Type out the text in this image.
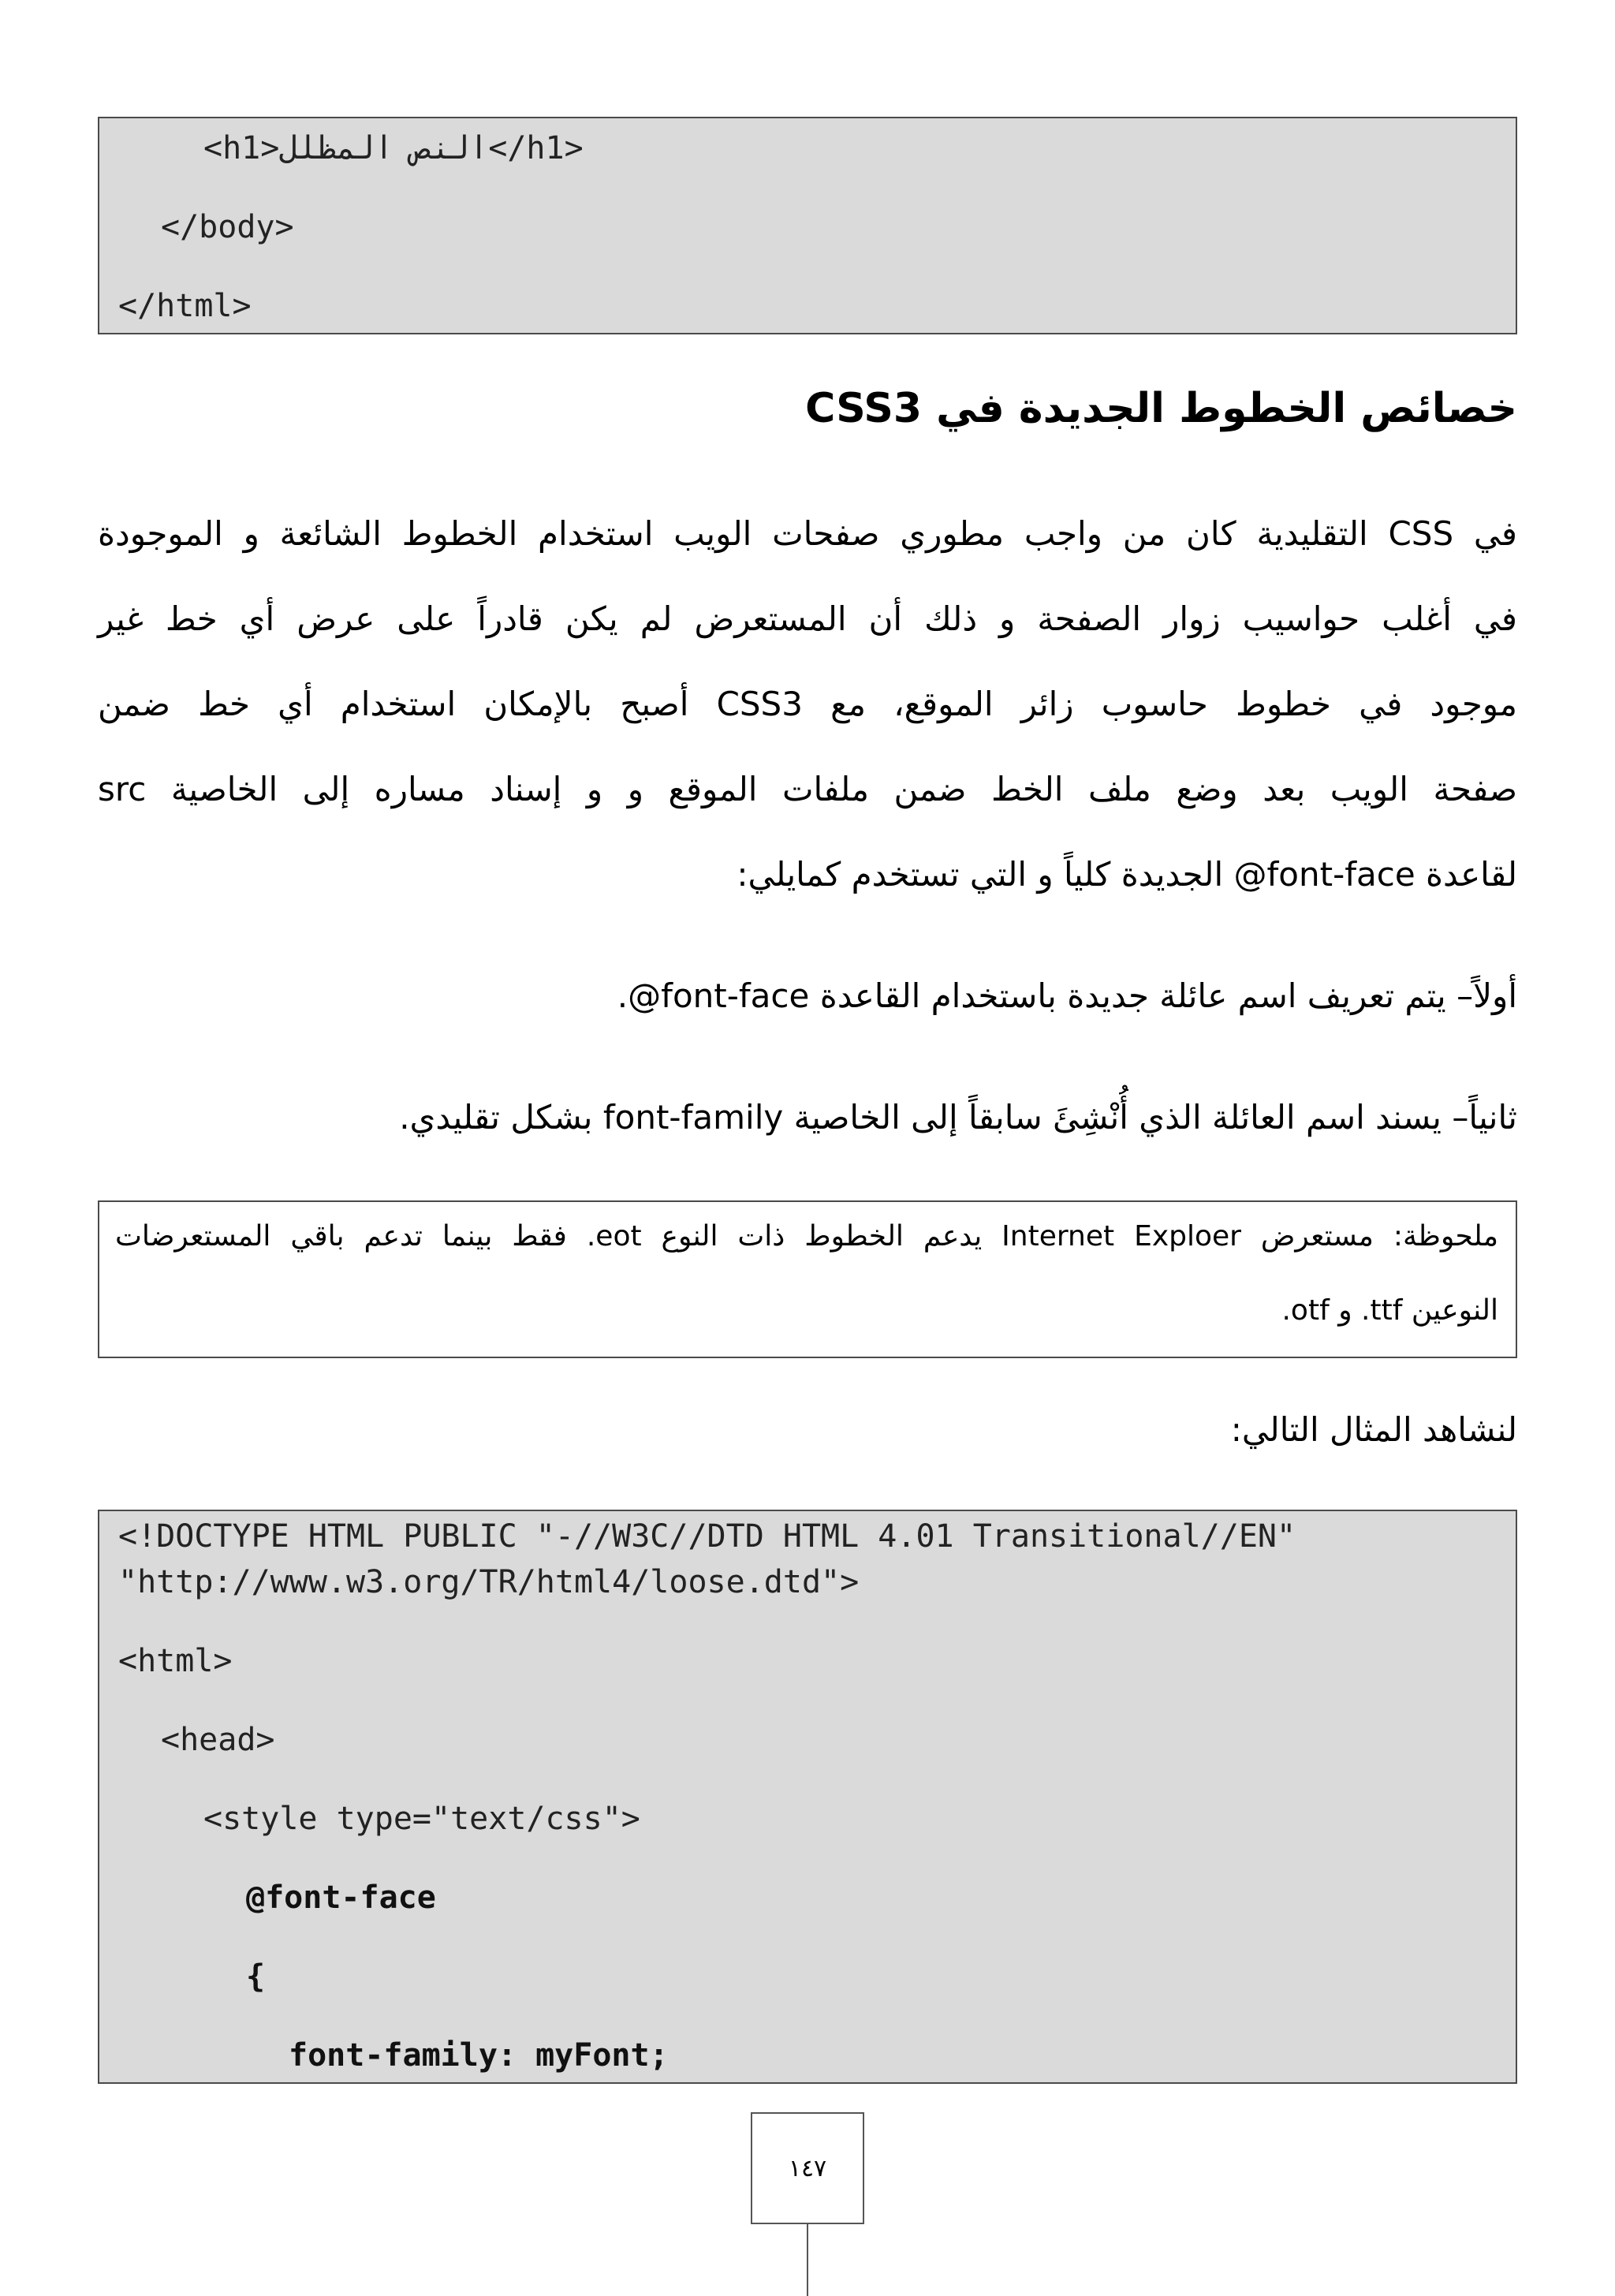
<h1>النص المظلل</h1>
</body>
</html>
خصائص الخطوط الجديدة في CSS3
في CSS التقليدية كان من واجب مطوري صفحات الويب استخدام الخطوط الشائعة و الموجودة
في أغلب حواسيب زوار الصفحة و ذلك أن المستعرض لم يكن قادراً على عرض أي خط غير
موجود في خطوط حاسوب زائر الموقع، مع CSS3 أصبح بالإمكان استخدام أي خط ضمن
صفحة الويب بعد وضع ملف الخط ضمن ملفات الموقع و و إسناد مساره إلى الخاصية src
لقاعدة font-face@ الجديدة كلياً و التي تستخدم كمايلي:
أولاً– يتم تعريف اسم عائلة جديدة باستخدام القاعدة font-face@.
ثانياً– يسند اسم العائلة الذي أُنْشِئَ سابقاً إلى الخاصية font-family بشكل تقليدي.
ملحوظة: مستعرض Internet Exploer يدعم الخطوط ذات النوع eot. فقط بينما تدعم باقي المستعرضات
النوعين ttf. و otf.
لنشاهد المثال التالي:
<!DOCTYPE HTML PUBLIC "-//W3C//DTD HTML 4.01 Transitional//EN"
"http://www.w3.org/TR/html4/loose.dtd">
<html>
<head>
<style type="text/css">
@font-face
{
font-family: myFont;
١٤٧
